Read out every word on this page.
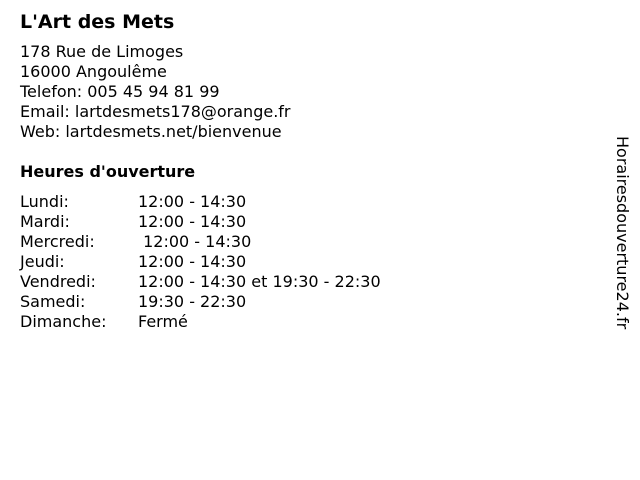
L'Art des Mets
178 Rue de Limoges
16000 Angoulême
Telefon: 005 45 94 81 99
Email: lartdesmets178@orange.fr
Web: lartdesmets.net/bienvenue
Heures d'ouverture
Lundi:	12:00 - 14:30
Mardi:	12:00 - 14:30
Mercredi:	12:00 - 14:30
Jeudi:	12:00 - 14:30
Vendredi:	12:00 - 14:30 et 19:30 - 22:30
Samedi:	19:30 - 22:30
Dimanche:	Fermé	Horairesdouverture24.fr
